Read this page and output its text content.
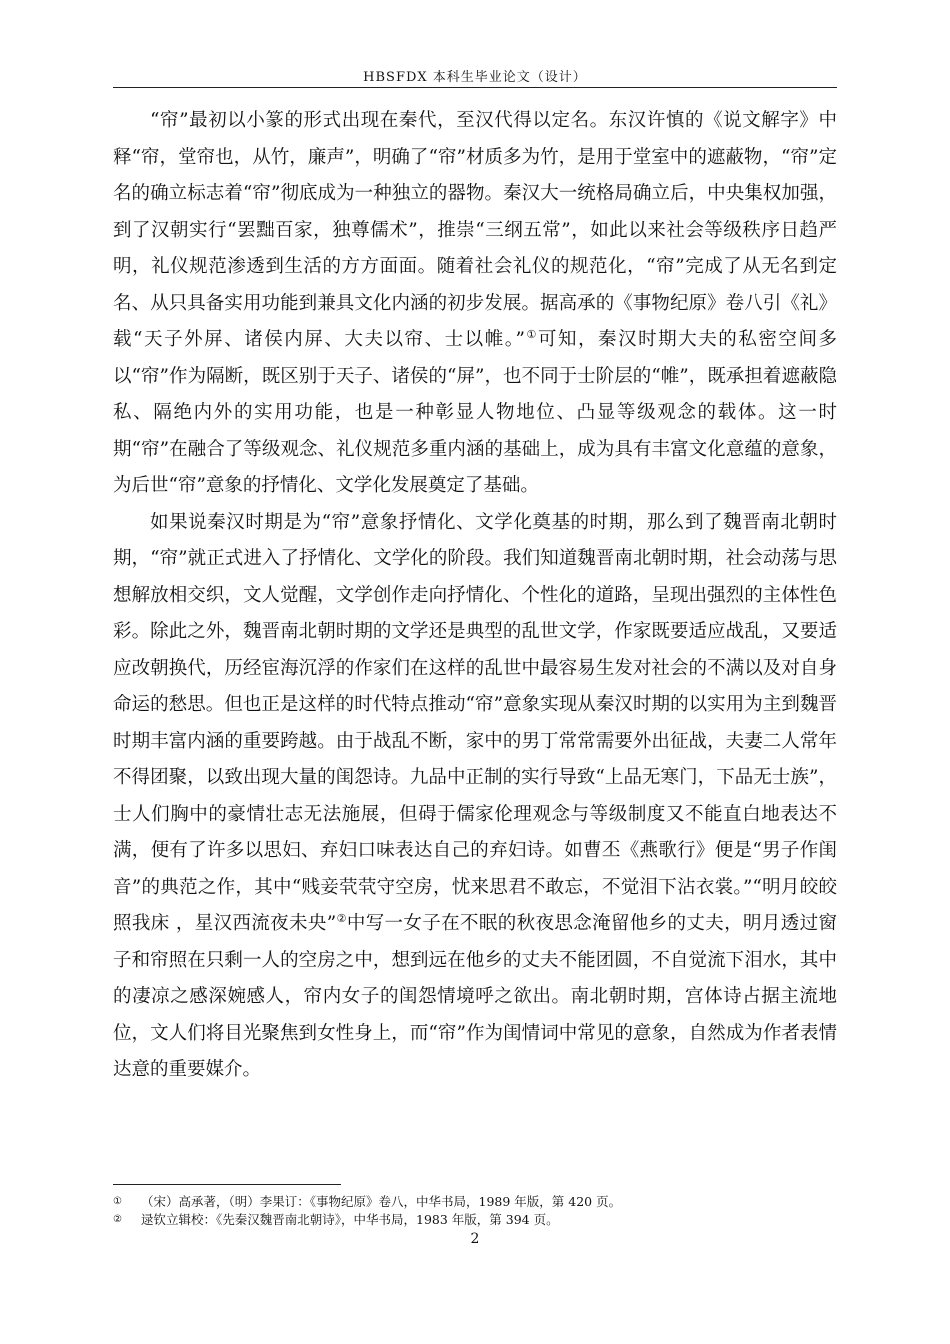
HBSFDX 本科生毕业论文（设计）

“帘”最初以小篆的形式出现在秦代，至汉代得以定名。东汉许慎的《说文解字》中释“帘，堂帘也，从竹，廉声”，明确了“帘”材质多为竹，是用于堂室中的遮蔽物，“帘”定名的确立标志着“帘”彻底成为一种独立的器物。秦汉大一统格局确立后，中央集权加强，到了汉朝实行“罢黜百家，独尊儒术”，推崇“三纲五常”，如此以来社会等级秩序日趋严明，礼仪规范渗透到生活的方方面面。随着社会礼仪的规范化，“帘”完成了从无名到定名、从只具备实用功能到兼具文化内涵的初步发展。据高承的《事物纪原》卷八引《礼》载“天子外屏、诸侯内屏、大夫以帘、士以帷。”①可知，秦汉时期大夫的私密空间多以“帘”作为隔断，既区别于天子、诸侯的“屏”，也不同于士阶层的“帷”，既承担着遮蔽隐私、隔绝内外的实用功能，也是一种彰显人物地位、凸显等级观念的载体。这一时期“帘”在融合了等级观念、礼仪规范多重内涵的基础上，成为具有丰富文化意蕴的意象，为后世“帘”意象的抒情化、文学化发展奠定了基础。

如果说秦汉时期是为“帘”意象抒情化、文学化奠基的时期，那么到了魏晋南北朝时期，“帘”就正式进入了抒情化、文学化的阶段。我们知道魏晋南北朝时期，社会动荡与思想解放相交织，文人觉醒，文学创作走向抒情化、个性化的道路，呈现出强烈的主体性色彩。除此之外，魏晋南北朝时期的文学还是典型的乱世文学，作家既要适应战乱，又要适应改朝换代，历经宦海沉浮的作家们在这样的乱世中最容易生发对社会的不满以及对自身命运的愁思。但也正是这样的时代特点推动“帘”意象实现从秦汉时期的以实用为主到魏晋时期丰富内涵的重要跨越。由于战乱不断，家中的男丁常常需要外出征战，夫妻二人常年不得团聚，以致出现大量的闺怨诗。九品中正制的实行导致“上品无寒门，下品无士族”，士人们胸中的豪情壮志无法施展，但碍于儒家伦理观念与等级制度又不能直白地表达不满，便有了许多以思妇、弃妇口味表达自己的弃妇诗。如曹丕《燕歌行》便是“男子作闺音”的典范之作，其中“贱妾茕茕守空房，忧来思君不敢忘，不觉泪下沾衣裳。”“明月皎皎照我床 ，星汉西流夜未央”②中写一女子在不眠的秋夜思念淹留他乡的丈夫，明月透过窗子和帘照在只剩一人的空房之中，想到远在他乡的丈夫不能团圆，不自觉流下泪水，其中的凄凉之感深婉感人，帘内女子的闺怨情境呼之欲出。南北朝时期，宫体诗占据主流地位，文人们将目光聚焦到女性身上，而“帘”作为闺情词中常见的意象，自然成为作者表情达意的重要媒介。

① （宋）高承著，（明）李果订：《事物纪原》卷八，中华书局，1989 年版，第 420 页。

② 逯钦立辑校：《先秦汉魏晋南北朝诗》，中华书局，1983 年版，第 394 页。

2
